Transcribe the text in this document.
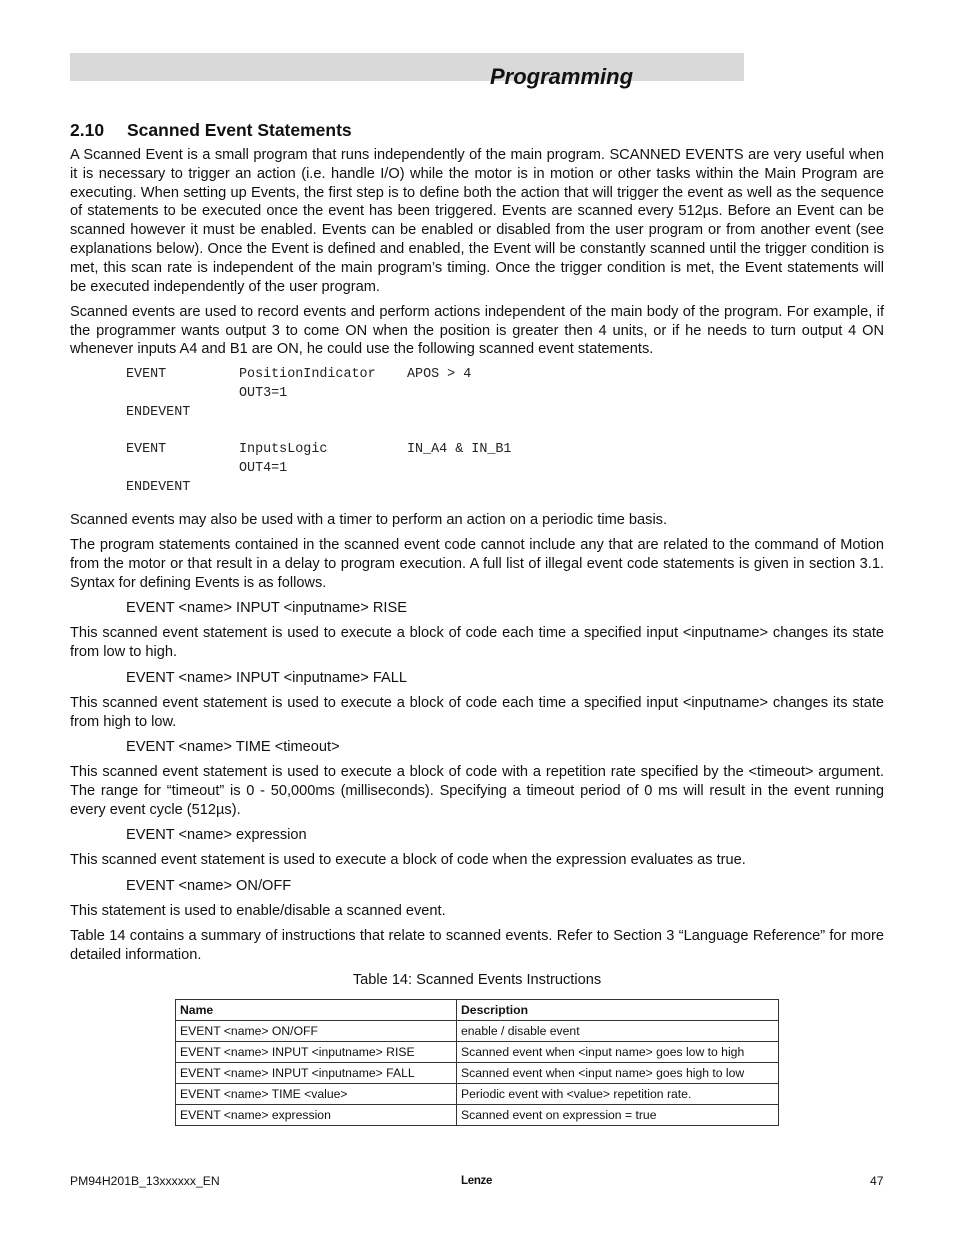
Programming
2.10 Scanned Event Statements

A Scanned Event is a small program that runs independently of the main program. SCANNED EVENTS are very useful when it is necessary to trigger an action (i.e. handle I/O) while the motor is in motion or other tasks within the Main Program are executing. When setting up Events, the first step is to define both the action that will trigger the event as well as the sequence of statements to be executed once the event has been triggered. Events are scanned every 512µs. Before an Event can be scanned however it must be enabled. Events can be enabled or disabled from the user program or from another event (see explanations below). Once the Event is defined and enabled, the Event will be constantly scanned until the trigger condition is met, this scan rate is independent of the main program’s timing. Once the trigger condition is met, the Event statements will be executed independently of the user program.

Scanned events are used to record events and perform actions independent of the main body of the program. For example, if the programmer wants output 3 to come ON when the position is greater then 4 units, or if he needs to turn output 4 ON whenever inputs A4 and B1 are ON, he could use the following scanned event statements.

EVENT	PositionIndicator APOS > 4
OUT3=1
ENDEVENT
EVENT	InputsLogic	IN_A4 & IN_B1
OUT4=1
ENDEVENT

Scanned events may also be used with a timer to perform an action on a periodic time basis.

The program statements contained in the scanned event code cannot include any that are related to the command of Motion from the motor or that result in a delay to program execution. A full list of illegal event code statements is given in section 3.1. Syntax for defining Events is as follows.

EVENT <name> INPUT <inputname> RISE

This scanned event statement is used to execute a block of code each time a specified input <inputname> changes its state from low to high.

EVENT <name> INPUT <inputname> FALL

This scanned event statement is used to execute a block of code each time a specified input <inputname> changes its state from high to low.

EVENT <name> TIME <timeout>

This scanned event statement is used to execute a block of code with a repetition rate specified by the <timeout> argument. The range for “timeout” is 0 - 50,000ms (milliseconds). Specifying a timeout period of 0 ms will result in the event running every event cycle (512µs).

EVENT <name> expression

This scanned event statement is used to execute a block of code when the expression evaluates as true.

EVENT <name> ON/OFF

This statement is used to enable/disable a scanned event.

Table 14 contains a summary of instructions that relate to scanned events. Refer to Section 3 “Language Reference” for more detailed information.

Table 14: Scanned Events Instructions
Name	Description
EVENT <name> ON/OFF	enable / disable event
EVENT <name> INPUT <inputname> RISE	Scanned event when <input name> goes low to high
EVENT <name> INPUT <inputname> FALL	Scanned event when <input name> goes high to low
EVENT <name> TIME <value>	Periodic event with <value> repetition rate.
EVENT <name> expression	Scanned event on expression = true
PM94H201B_13xxxxxx_EN	Lenze	47
